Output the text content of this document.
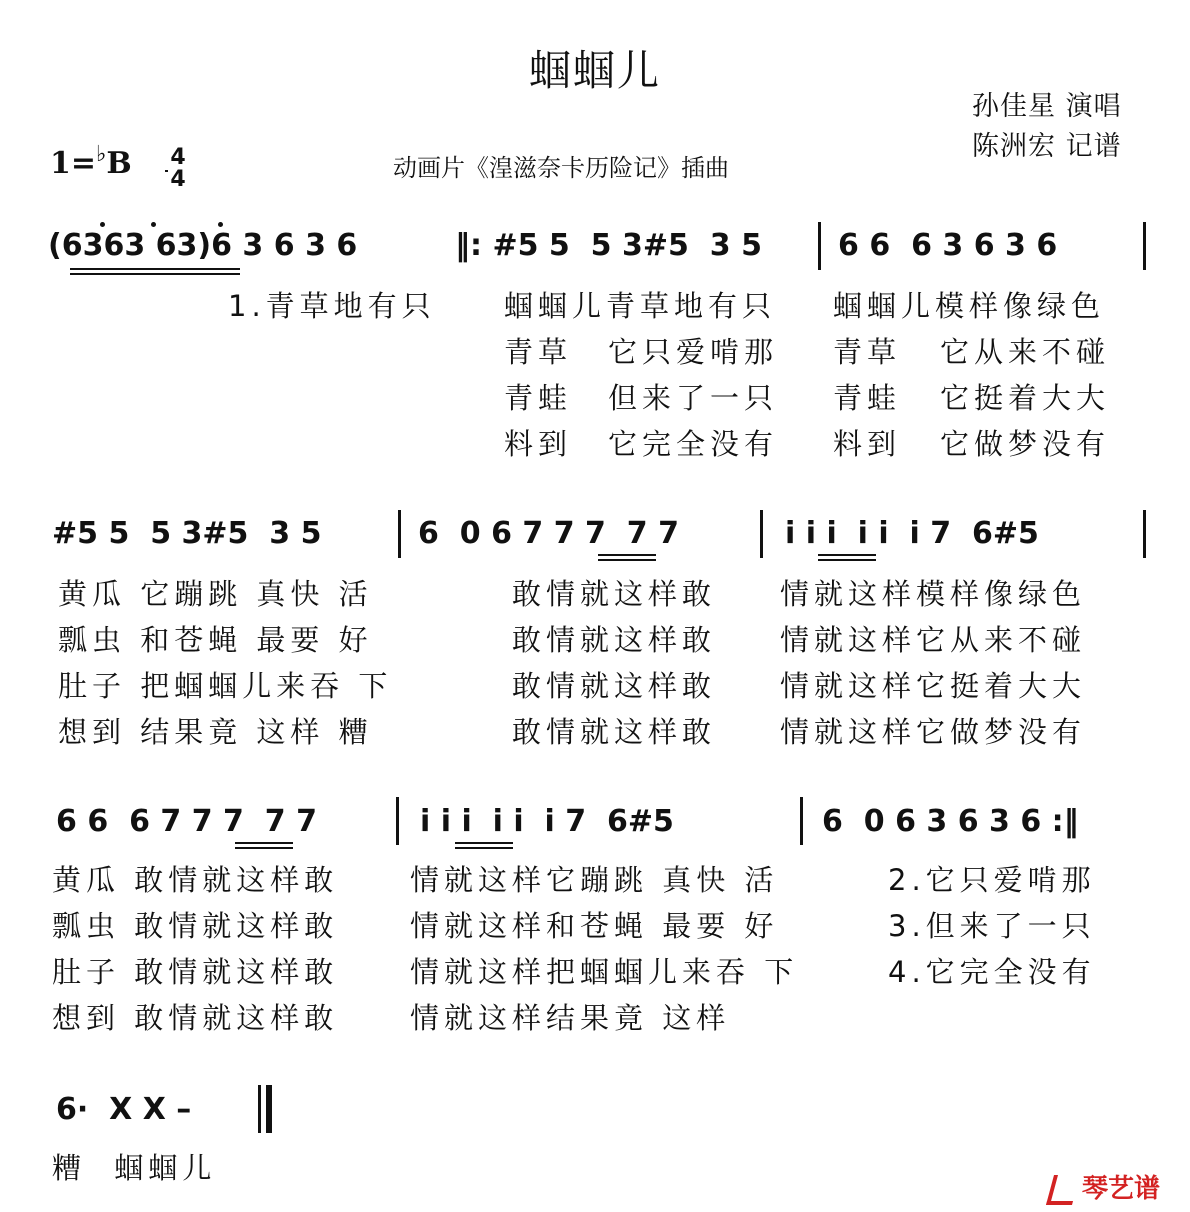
蝈蝈儿
孙佳星 演唱
陈洲宏 记谱
动画片《湟滋奈卡历险记》插曲
1=♭B 4
4
(6363 63)6 3 6 3 6	‖: #5 5  5 3#5  3 5	6 6  6 3 6 3 6
1.青草地有只 蝈蝈儿青草地有只 蝈蝈儿模样像绿色
青草 它只爱啃那 青草 它从来不碰
青蛙 但来了一只 青蛙 它挺着大大
料到 它完全没有 料到 它做梦没有
#5 5  5 3#5  3 5	6  0 6 7 7 7  7 7	i i i  i i  i 7  6#5
黄瓜 它蹦跳 真快 活	敢情就这样敢 情就这样模样像绿色
瓢虫 和苍蝇 最要 好	敢情就这样敢 情就这样它从来不碰
肚子 把蝈蝈儿来吞 下	敢情就这样敢 情就这样它挺着大大
想到 结果竟 这样 糟	敢情就这样敢 情就这样它做梦没有
6 6  6 7 7 7  7 7	i i i  i i  i 7  6#5	6  0 6 3 6 3 6 :‖
黄瓜 敢情就这样敢 情就这样它蹦跳 真快 活	2.它只爱啃那
瓢虫 敢情就这样敢 情就这样和苍蝇 最要 好	3.但来了一只
肚子 敢情就这样敢 情就这样把蝈蝈儿来吞 下	4.它完全没有
想到 敢情就这样敢 情就这样结果竟 这样
6·  X X –
糟  蝈蝈儿
琴艺谱
